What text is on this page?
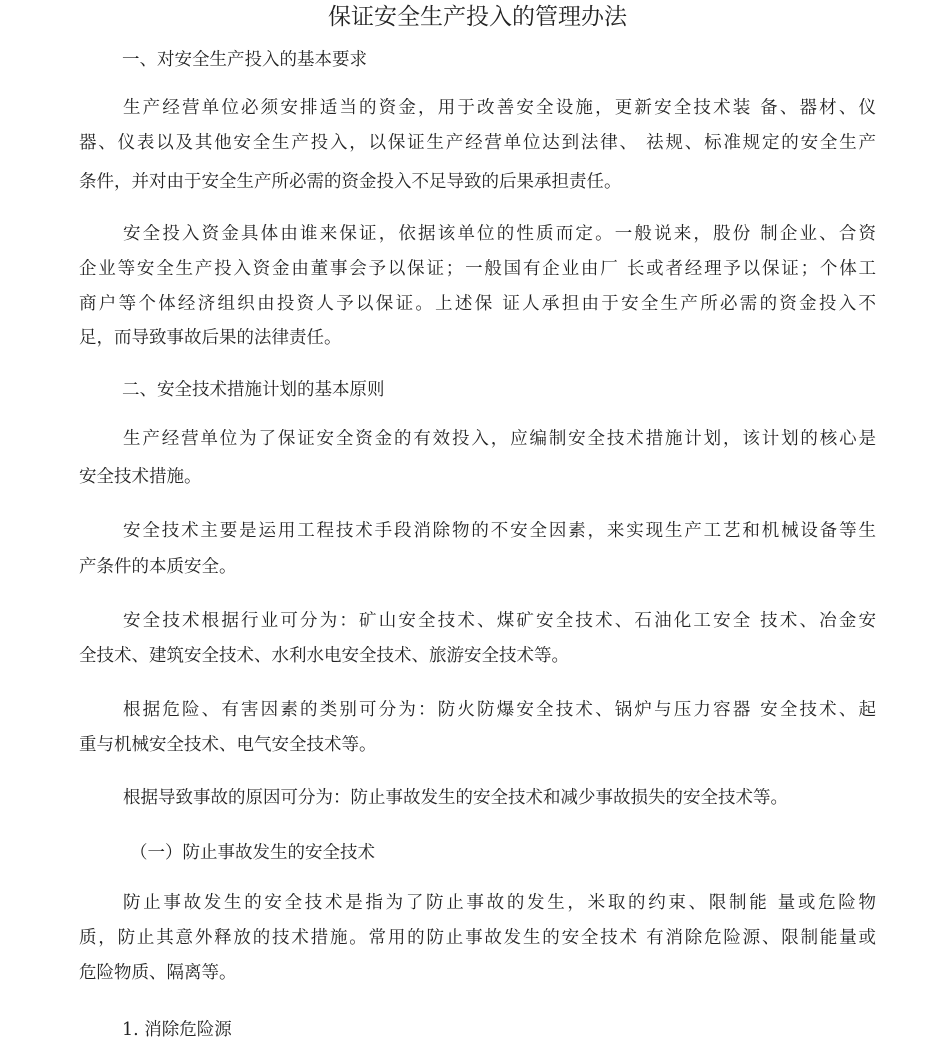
保证安全生产投入的管理办法

一、对安全生产投入的基本要求

生产经营单位必须安排适当的资金，用于改善安全设施，更新安全技术装 备、器材、仪

器、仪表以及其他安全生产投入，以保证生产经营单位达到法律、 祛规、标准规定的安全生产

条件，并对由于安全生产所必需的资金投入不足导致的后果承担责任。

安全投入资金具体由谁来保证，依据该单位的性质而定。一般说来，股份 制企业、合资

企业等安全生产投入资金由董事会予以保证；一般国有企业由厂 长或者经理予以保证；个体工

商户等个体经济组织由投资人予以保证。上述保 证人承担由于安全生产所必需的资金投入不

足，而导致事故后果的法律责任。

二、安全技术措施计划的基本原则

生产经营单位为了保证安全资金的有效投入，应编制安全技术措施计划，该计划的核心是

安全技术措施。

安全技术主要是运用工程技术手段消除物的不安全因素，来实现生产工艺和机械设备等生

产条件的本质安全。

安全技术根据行业可分为：矿山安全技术、煤矿安全技术、石油化工安全 技术、冶金安

全技术、建筑安全技术、水利水电安全技术、旅游安全技术等。

根据危险、有害因素的类别可分为：防火防爆安全技术、锅炉与压力容器 安全技术、起

重与机械安全技术、电气安全技术等。

根据导致事故的原因可分为：防止事故发生的安全技术和减少事故损失的安全技术等。

（一）防止事故发生的安全技术

防止事故发生的安全技术是指为了防止事故的发生，米取的约束、限制能 量或危险物

质，防止其意外释放的技术措施。常用的防止事故发生的安全技术 有消除危险源、限制能量或

危险物质、隔离等。

1. 消除危险源
